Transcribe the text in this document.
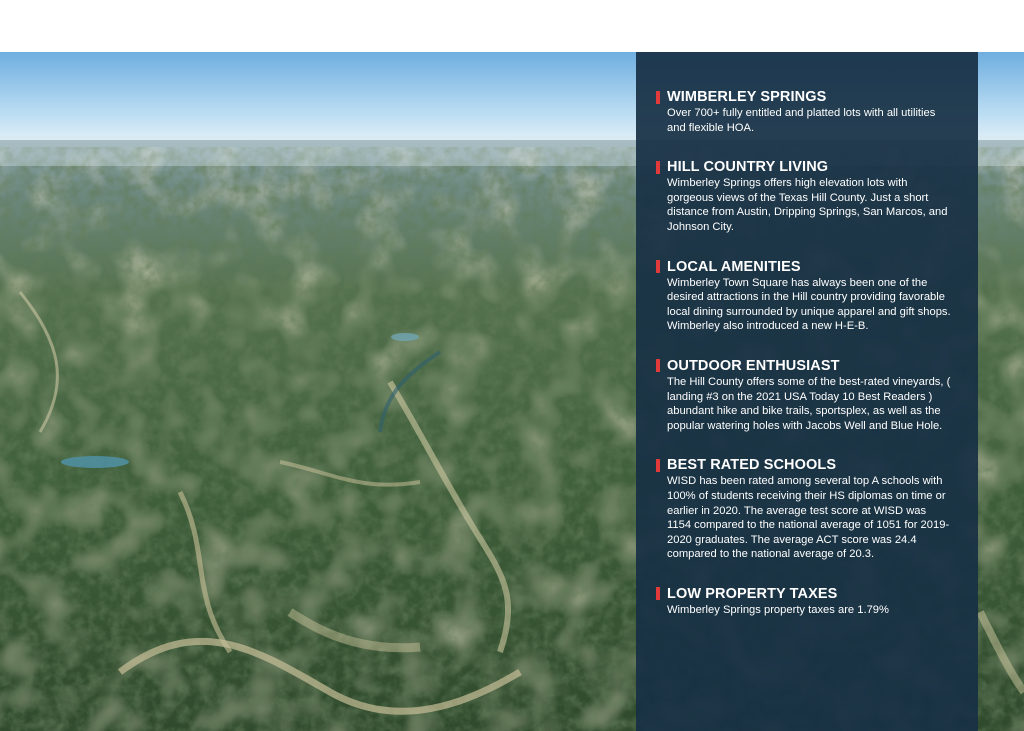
WIMBERLEY SPRINGS
Over 700+ fully entitled and platted lots with all utilities and flexible HOA.
HILL COUNTRY LIVING
Wimberley Springs offers high elevation lots with gorgeous views of the Texas Hill County. Just a short distance from Austin, Dripping Springs, San Marcos, and Johnson City.
LOCAL AMENITIES
Wimberley Town Square has always been one of the desired attractions in the Hill country providing favorable local dining surrounded by unique apparel and gift shops. Wimberley also introduced a new H-E-B.
OUTDOOR ENTHUSIAST
The Hill County offers some of the best-rated vineyards, ( landing #3 on the 2021 USA Today 10 Best Readers ) abundant hike and bike trails, sportsplex, as well as the popular watering holes with Jacobs Well and Blue Hole.
BEST RATED SCHOOLS
WISD has been rated among several top A schools with 100% of students receiving their HS diplomas on time or earlier in 2020. The average test score at WISD was 1154 compared to the national average of 1051 for 2019-2020 graduates. The average ACT score was 24.4 compared to the national average of 20.3.
LOW PROPERTY TAXES
Wimberley Springs property taxes are 1.79%
